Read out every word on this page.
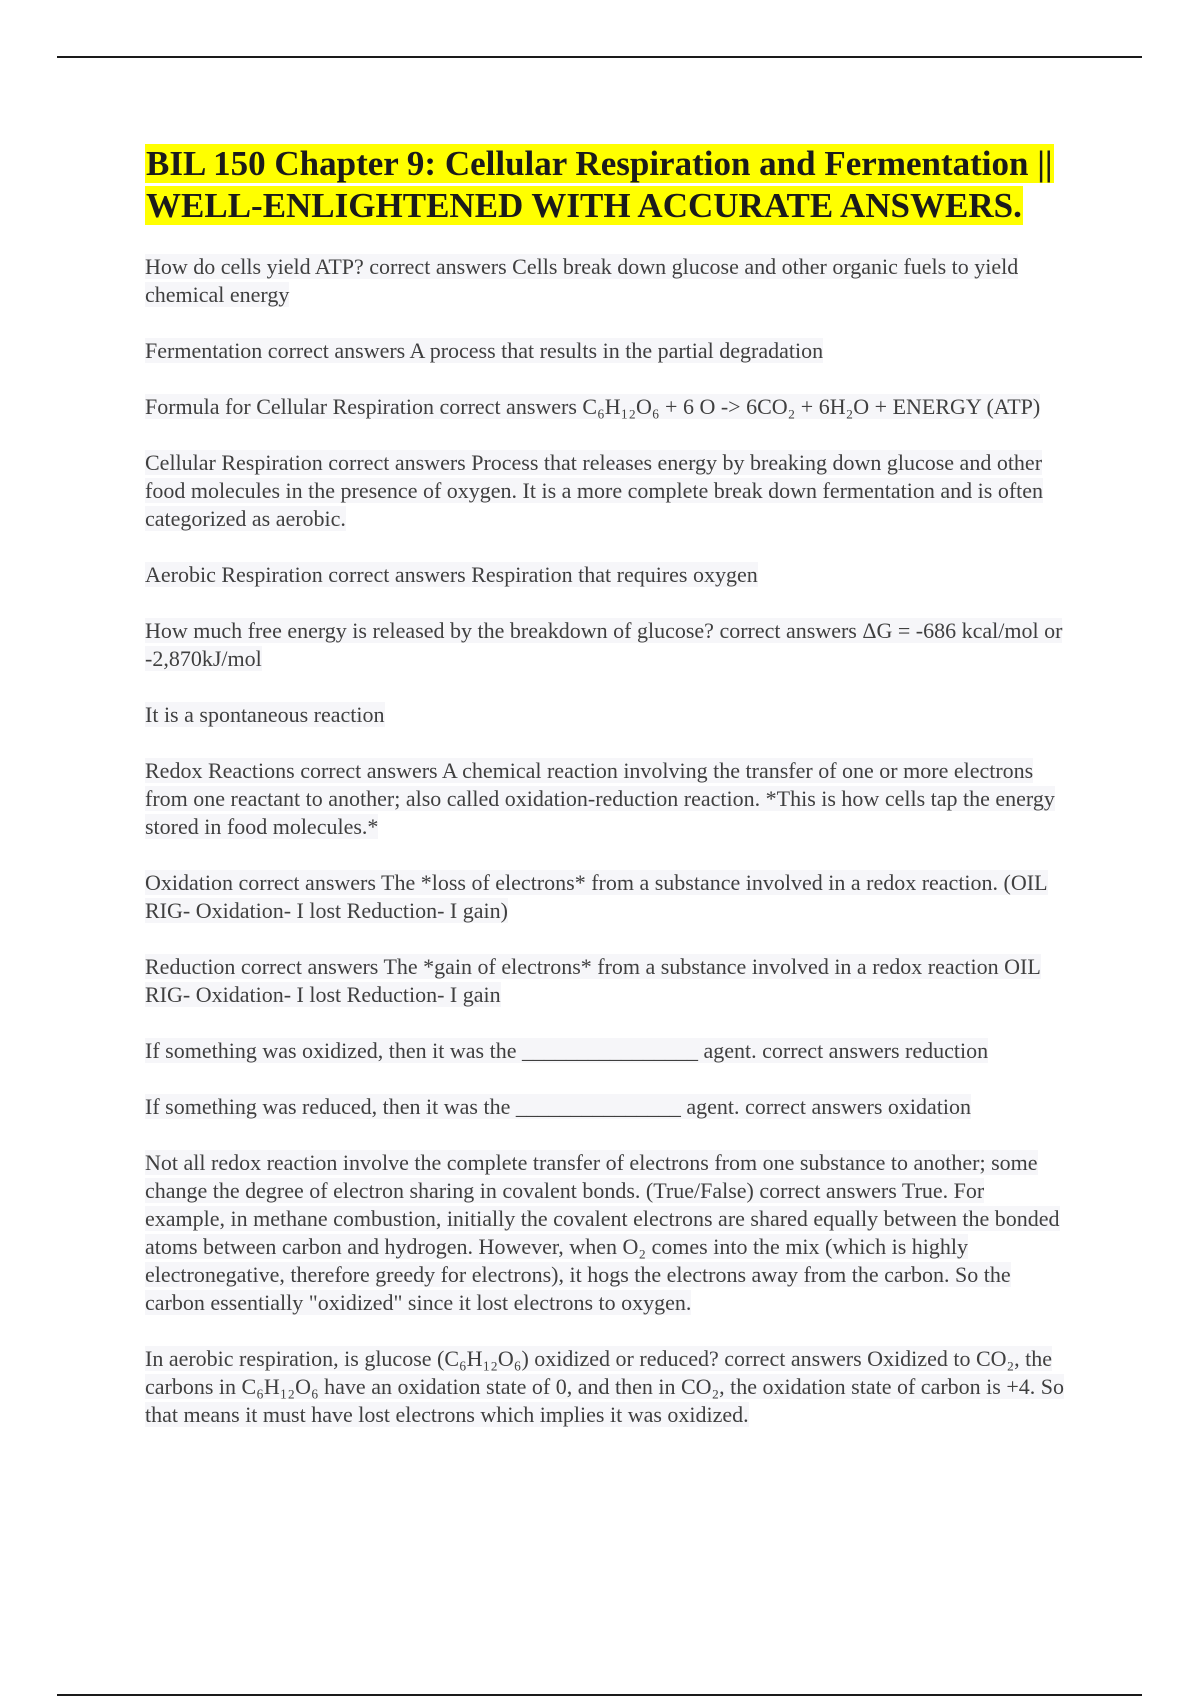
BIL 150 Chapter 9: Cellular Respiration and Fermentation || WELL-ENLIGHTENED WITH ACCURATE ANSWERS.

How do cells yield ATP? correct answers Cells break down glucose and other organic fuels to yield chemical energy

Fermentation correct answers A process that results in the partial degradation

Formula for Cellular Respiration correct answers C₆H₁₂O₆ + 6 O -> 6CO₂ + 6H₂O + ENERGY (ATP)

Cellular Respiration correct answers Process that releases energy by breaking down glucose and other food molecules in the presence of oxygen. It is a more complete break down fermentation and is often categorized as aerobic.

Aerobic Respiration correct answers Respiration that requires oxygen

How much free energy is released by the breakdown of glucose? correct answers ΔG = -686 kcal/mol or -2,870kJ/mol

It is a spontaneous reaction

Redox Reactions correct answers A chemical reaction involving the transfer of one or more electrons from one reactant to another; also called oxidation-reduction reaction. *This is how cells tap the energy stored in food molecules.*

Oxidation correct answers The *loss of electrons* from a substance involved in a redox reaction. (OIL RIG- Oxidation- I lost Reduction- I gain)

Reduction correct answers The *gain of electrons* from a substance involved in a redox reaction OIL RIG- Oxidation- I lost Reduction- I gain

If something was oxidized, then it was the ________________ agent. correct answers reduction

If something was reduced, then it was the _______________ agent. correct answers oxidation

Not all redox reaction involve the complete transfer of electrons from one substance to another; some change the degree of electron sharing in covalent bonds. (True/False) correct answers True. For example, in methane combustion, initially the covalent electrons are shared equally between the bonded atoms between carbon and hydrogen. However, when O₂ comes into the mix (which is highly electronegative, therefore greedy for electrons), it hogs the electrons away from the carbon. So the carbon essentially "oxidized" since it lost electrons to oxygen.

In aerobic respiration, is glucose (C₆H₁₂O₆) oxidized or reduced? correct answers Oxidized to CO₂, the carbons in C₆H₁₂O₆ have an oxidation state of 0, and then in CO₂, the oxidation state of carbon is +4. So that means it must have lost electrons which implies it was oxidized.
